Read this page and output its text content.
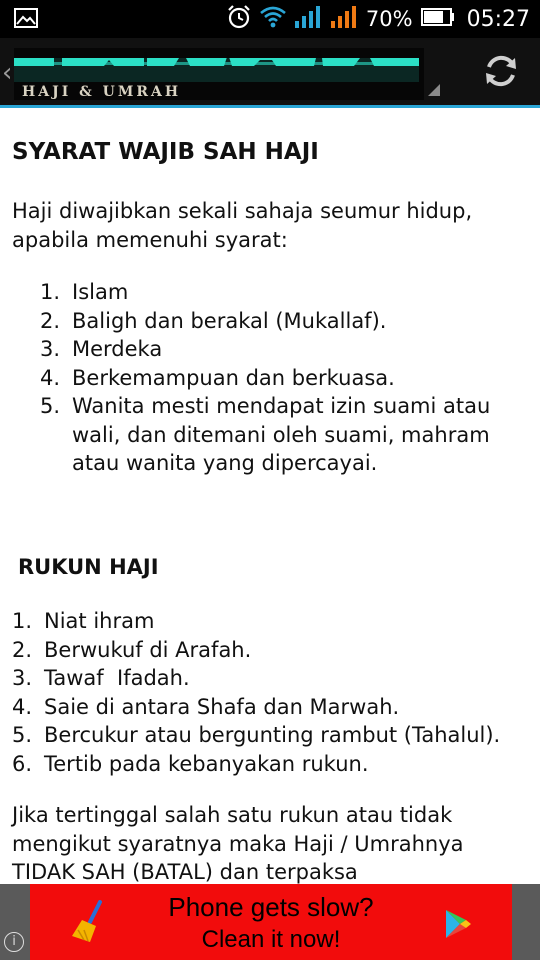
70% 05:27
‹
HAJI & UMRAH
SYARAT WAJIB SAH HAJI

Haji diwajibkan sekali sahaja seumur hidup, apabila memenuhi syarat:

1. Islam
2. Baligh dan berakal (Mukallaf).
3. Merdeka
4. Berkemampuan dan berkuasa.
5. Wanita mesti mendapat izin suami atau wali, dan ditemani oleh suami, mahram atau wanita yang dipercayai.
RUKUN HAJI
1. Niat ihram
2. Berwukuf di Arafah.
3. Tawaf  Ifadah.
4. Saie di antara Shafa dan Marwah.
5. Bercukur atau bergunting rambut (Tahalul).
6. Tertib pada kebanyakan rukun.

Jika tertinggal salah satu rukun atau tidak mengikut syaratnya maka Haji / Umrahnya TIDAK SAH (BATAL) dan terpaksa

Phone gets slow?
Clean it now!
i
